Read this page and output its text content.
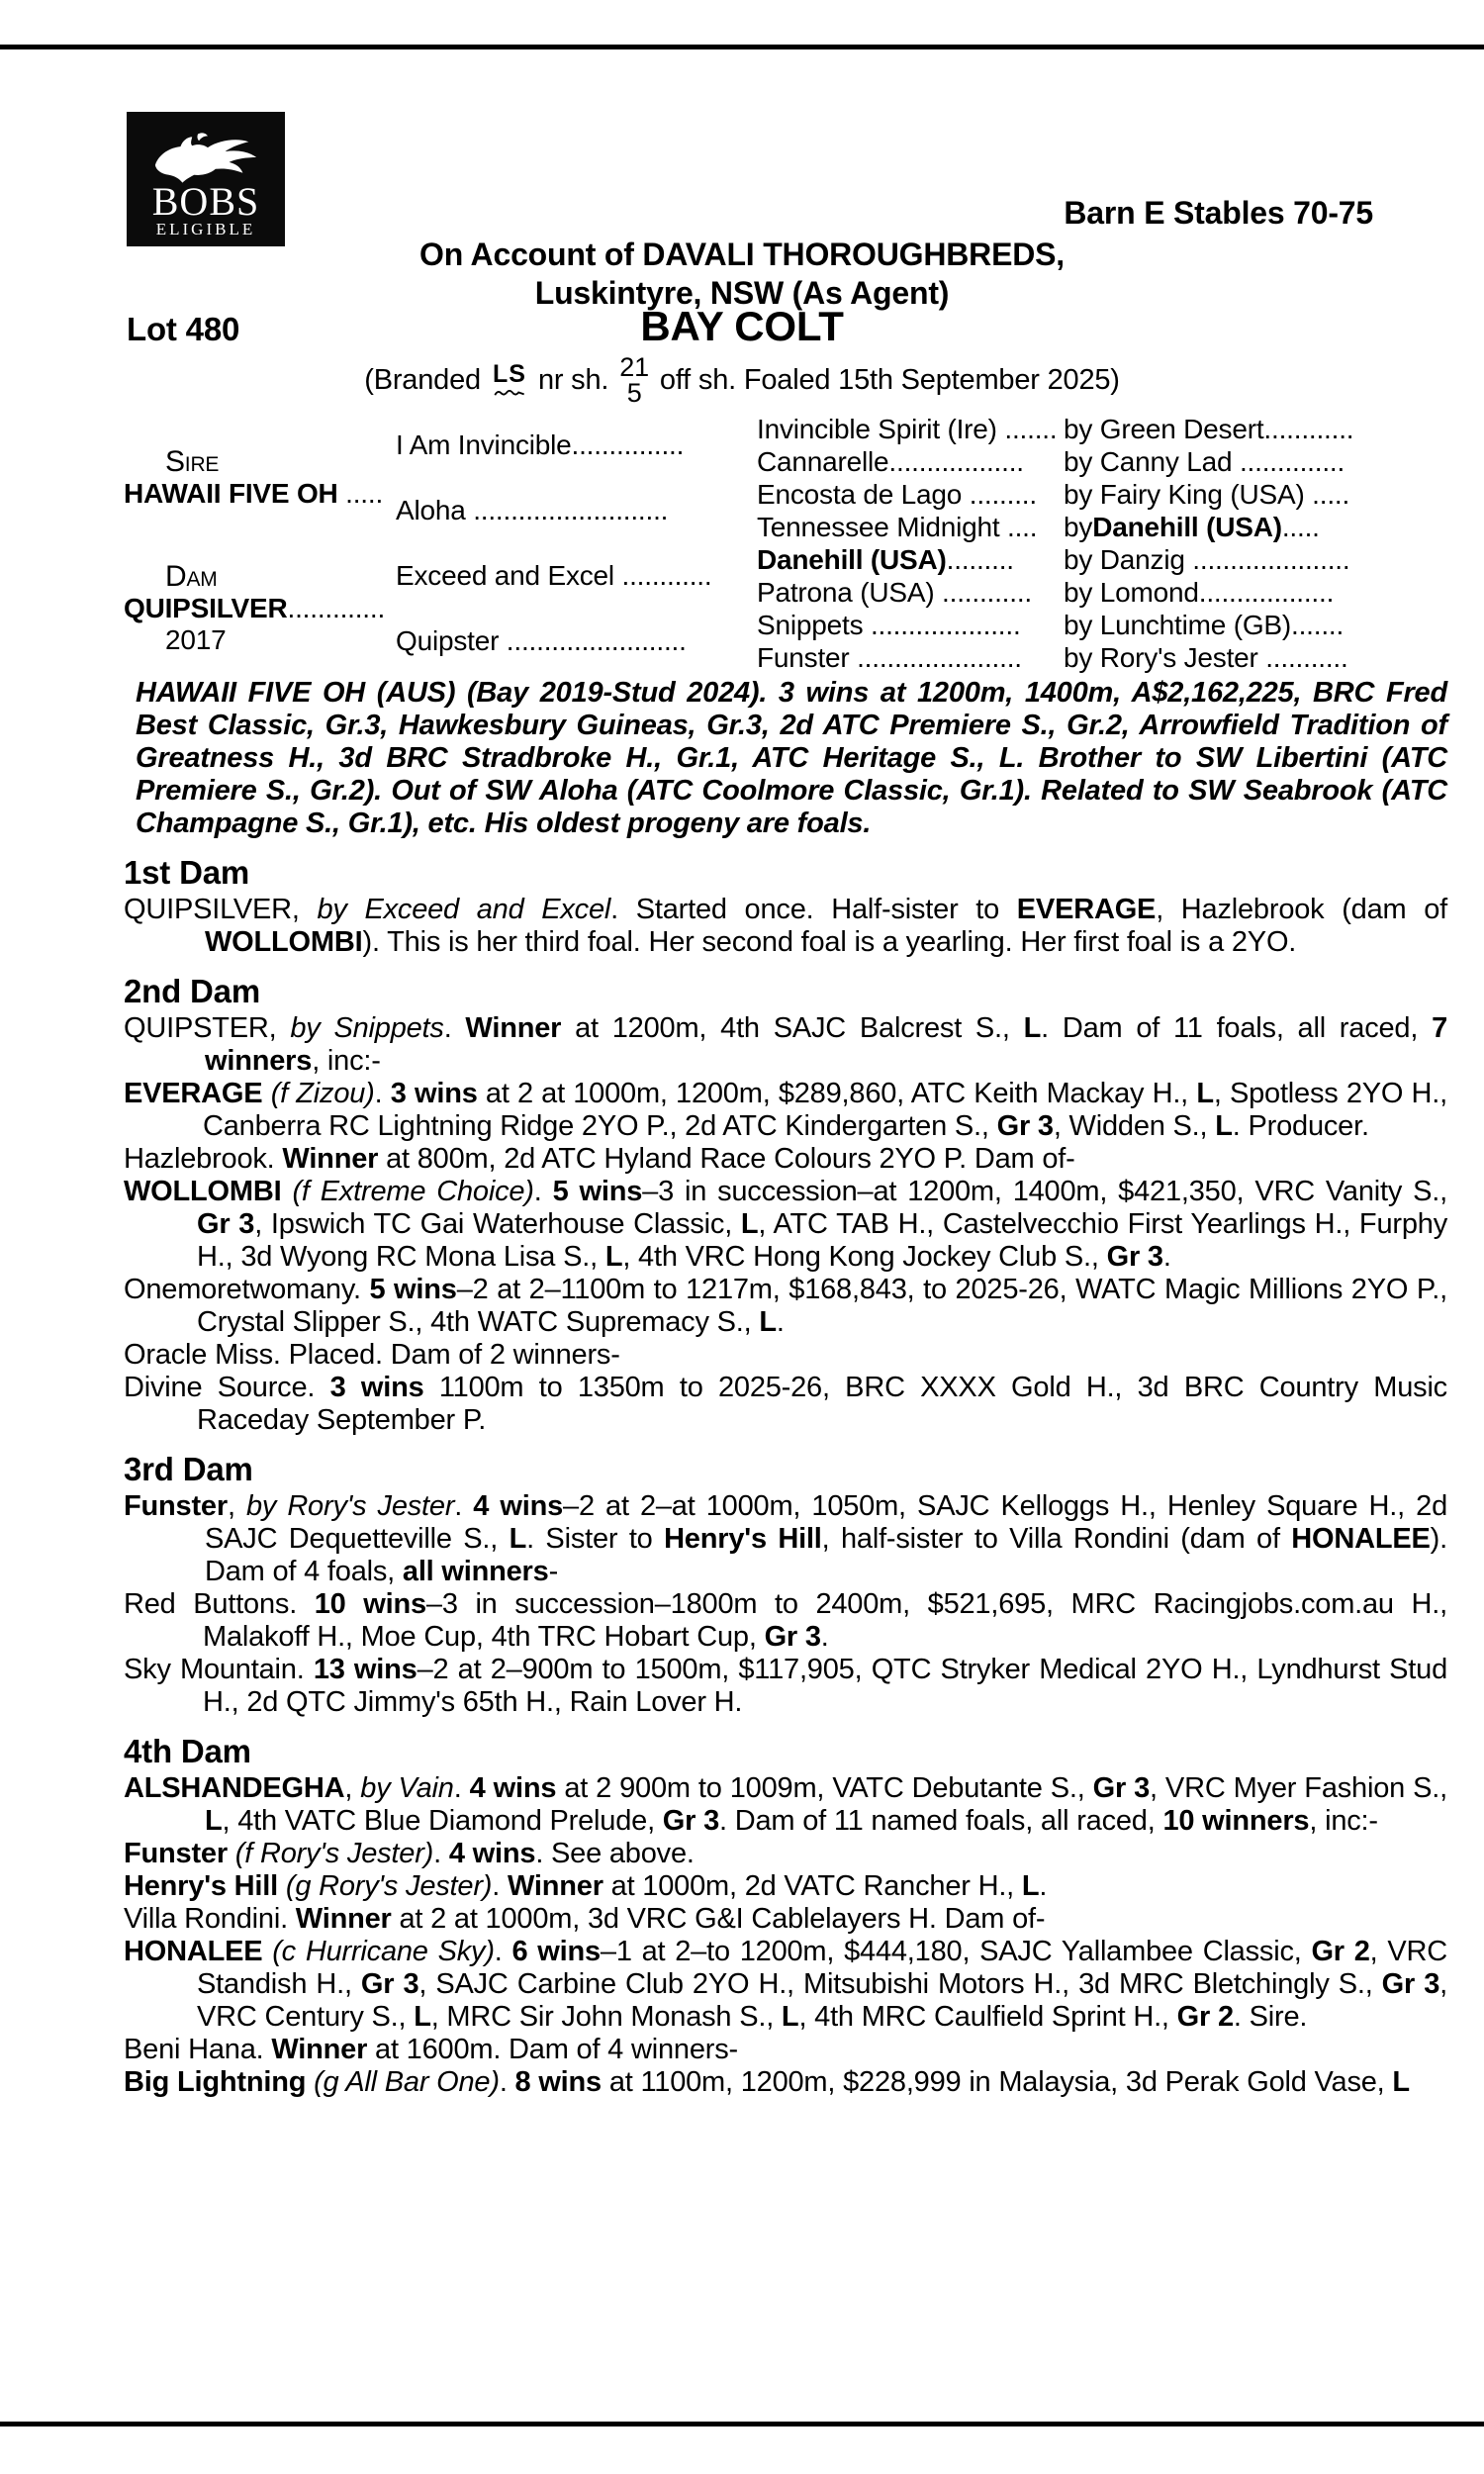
BOBS
ELIGIBLE	Barn E Stables 70-75
On Account of DAVALI THOROUGHBREDS,
Luskintyre, NSW (As Agent)
Lot 480	BAY COLT
(Branded LS nr sh. 21
5 off sh. Foaled 15th September 2025)
Sire
HAWAII FIVE OH .....
Dam
QUIPSILVER.............
2017
I Am Invincible...............
Aloha ..........................
Exceed and Excel ............
Quipster ........................
Invincible Spirit (Ire) .......
Cannarelle..................
Encosta de Lago .........
Tennessee Midnight ....
Danehill (USA) .........
Patrona (USA) ............
Snippets ....................
Funster ......................
by Green Desert............
by Canny Lad ..............
by Fairy King (USA) .....
by Danehill (USA) .....
by Danzig .....................
by Lomond..................
by Lunchtime (GB).......
by Rory's Jester ...........

HAWAII FIVE OH (AUS) (Bay 2019-Stud 2024). 3 wins at 1200m, 1400m, A$2,162,225, BRC Fred Best Classic, Gr.3, Hawkesbury Guineas, Gr.3, 2d ATC Premiere S., Gr.2, Arrowfield Tradition of Greatness H., 3d BRC Stradbroke H., Gr.1, ATC Heritage S., L. Brother to SW Libertini (ATC Premiere S., Gr.2). Out of SW Aloha (ATC Coolmore Classic, Gr.1). Related to SW Seabrook (ATC Champagne S., Gr.1), etc. His oldest progeny are foals.

1st Dam

QUIPSILVER, by Exceed and Excel. Started once. Half-sister to EVERAGE, Hazlebrook (dam of WOLLOMBI). This is her third foal. Her second foal is a yearling. Her first foal is a 2YO.

2nd Dam

QUIPSTER, by Snippets. Winner at 1200m, 4th SAJC Balcrest S., L. Dam of 11 foals, all raced, 7 winners, inc:-

EVERAGE (f Zizou). 3 wins at 2 at 1000m, 1200m, $289,860, ATC Keith Mackay H., L, Spotless 2YO H., Canberra RC Lightning Ridge 2YO P., 2d ATC Kindergarten S., Gr 3, Widden S., L. Producer.

Hazlebrook. Winner at 800m, 2d ATC Hyland Race Colours 2YO P. Dam of-

WOLLOMBI (f Extreme Choice). 5 wins–3 in succession–at 1200m, 1400m, $421,350, VRC Vanity S., Gr 3, Ipswich TC Gai Waterhouse Classic, L, ATC TAB H., Castelvecchio First Yearlings H., Furphy H., 3d Wyong RC Mona Lisa S., L, 4th VRC Hong Kong Jockey Club S., Gr 3.

Onemoretwomany. 5 wins–2 at 2–1100m to 1217m, $168,843, to 2025-26, WATC Magic Millions 2YO P., Crystal Slipper S., 4th WATC Supremacy S., L.

Oracle Miss. Placed. Dam of 2 winners-

Divine Source. 3 wins 1100m to 1350m to 2025-26, BRC XXXX Gold H., 3d BRC Country Music Raceday September P.

3rd Dam

Funster, by Rory's Jester. 4 wins–2 at 2–at 1000m, 1050m, SAJC Kelloggs H., Henley Square H., 2d SAJC Dequetteville S., L. Sister to Henry's Hill, half-sister to Villa Rondini (dam of HONALEE). Dam of 4 foals, all winners-

Red Buttons. 10 wins–3 in succession–1800m to 2400m, $521,695, MRC Racingjobs.com.au H., Malakoff H., Moe Cup, 4th TRC Hobart Cup, Gr 3.

Sky Mountain. 13 wins–2 at 2–900m to 1500m, $117,905, QTC Stryker Medical 2YO H., Lyndhurst Stud H., 2d QTC Jimmy's 65th H., Rain Lover H.

4th Dam

ALSHANDEGHA, by Vain. 4 wins at 2 900m to 1009m, VATC Debutante S., Gr 3, VRC Myer Fashion S., L, 4th VATC Blue Diamond Prelude, Gr 3. Dam of 11 named foals, all raced, 10 winners, inc:-

Funster (f Rory's Jester). 4 wins. See above.

Henry's Hill (g Rory's Jester). Winner at 1000m, 2d VATC Rancher H., L.

Villa Rondini. Winner at 2 at 1000m, 3d VRC G&I Cablelayers H. Dam of-

HONALEE (c Hurricane Sky). 6 wins–1 at 2–to 1200m, $444,180, SAJC Yallambee Classic, Gr 2, VRC Standish H., Gr 3, SAJC Carbine Club 2YO H., Mitsubishi Motors H., 3d MRC Bletchingly S., Gr 3, VRC Century S., L, MRC Sir John Monash S., L, 4th MRC Caulfield Sprint H., Gr 2. Sire.

Beni Hana. Winner at 1600m. Dam of 4 winners-

Big Lightning (g All Bar One). 8 wins at 1100m, 1200m, $228,999 in Malaysia, 3d Perak Gold Vase, L
